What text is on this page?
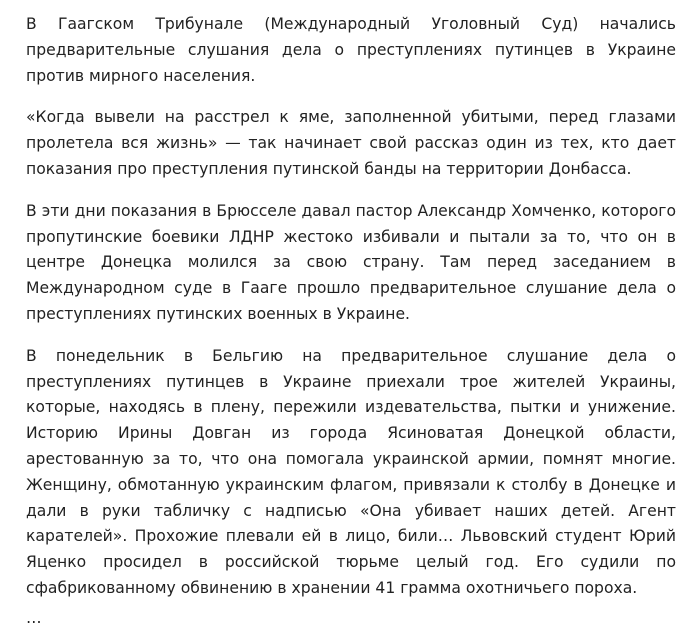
В Гаагском Трибунале (Международный Уголовный Суд) начались предварительные слушания дела о преступлениях путинцев в Украине против мирного населения.

«Когда вывели на расстрел к яме, заполненной убитыми, перед глазами пролетела вся жизнь» — так начинает свой рассказ один из тех, кто дает показания про преступления путинской банды на территории Донбасса.

В эти дни показания в Брюсселе давал пастор Александр Хомченко, которого пропутинские боевики ЛДНР жестоко избивали и пытали за то, что он в центре Донецка молился за свою страну. Там перед заседанием в Международном суде в Гааге прошло предварительное слушание дела о преступлениях путинских военных в Украине.

В понедельник в Бельгию на предварительное слушание дела о преступлениях путинцев в Украине приехали трое жителей Украины, которые, находясь в плену, пережили издевательства, пытки и унижение. Историю Ирины Довган из города Ясиноватая Донецкой области, арестованную за то, что она помогала украинской армии, помнят многие. Женщину, обмотанную украинским флагом, привязали к столбу в Донецке и дали в руки табличку с надписью «Она убивает наших детей. Агент карателей». Прохожие плевали ей в лицо, били… Львовский студент Юрий Яценко просидел в российской тюрьме целый год. Его судили по сфабрикованному обвинению в хранении 41 грамма охотничьего пороха.

…
